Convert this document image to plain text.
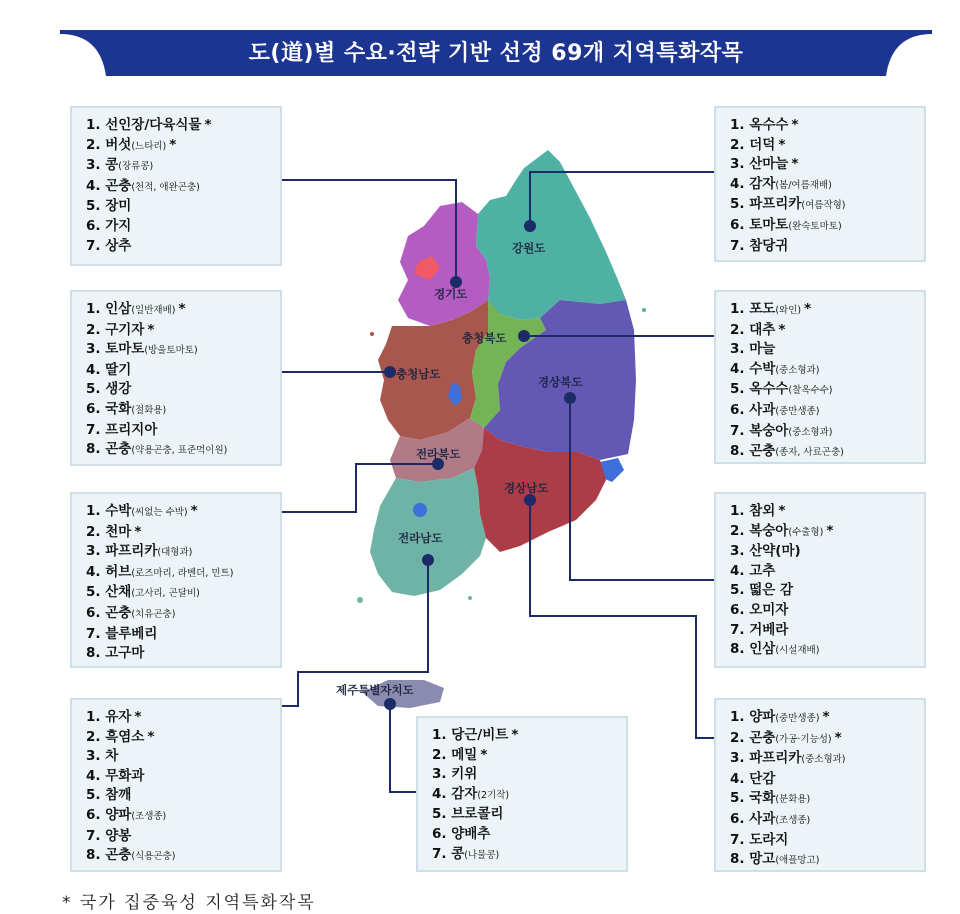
도(道)별 수요·전략 기반 선정 69개 지역특화작목
경기도
강원도
충청남도
충청북도
전라북도
경상북도
전라남도
제주특별자치도
경상남도
1. 선인장/다육식물 *
2. 버섯(느타리) *
3. 콩(장류콩)
4. 곤충(천적, 애완곤충)
5. 장미
6. 가지
7. 상추
1. 옥수수 *
2. 더덕 *
3. 산마늘 *
4. 감자(봄/여름재배)
5. 파프리카(여름작형)
6. 토마토(완숙토마토)
7. 참당귀
1. 인삼(일반재배) *
2. 구기자 *
3. 토마토(방울토마토)
4. 딸기
5. 생강
6. 국화(절화용)
7. 프리지아
8. 곤충(약용곤충, 표준먹이원)
1. 포도(와인) *
2. 대추 *
3. 마늘
4. 수박(중소형과)
5. 옥수수(찰옥수수)
6. 사과(중만생종)
7. 복숭아(중소형과)
8. 곤충(종자, 사료곤충)
1. 수박(씨없는 수박) *
2. 천마 *
3. 파프리카(대형과)
4. 허브(로즈마리, 라벤더, 민트)
5. 산채(고사리, 곤달비)
6. 곤충(치유곤충)
7. 블루베리
8. 고구마
1. 참외 *
2. 복숭아(수출형) *
3. 산약(마)
4. 고추
5. 떫은 감
6. 오미자
7. 거베라
8. 인삼(시설재배)
1. 유자 *
2. 흑염소 *
3. 차
4. 무화과
5. 참깨
6. 양파(조생종)
7. 양봉
8. 곤충(식용곤충)
1. 당근/비트 *
2. 메밀 *
3. 키위
4. 감자(2기작)
5. 브로콜리
6. 양배추
7. 콩(나물콩)
1. 양파(중만생종) *
2. 곤충(가공·기능성) *
3. 파프리카(중소형과)
4. 단감
5. 국화(분화용)
6. 사과(조생종)
7. 도라지
8. 망고(애플망고)
* 국가 집중육성 지역특화작목
